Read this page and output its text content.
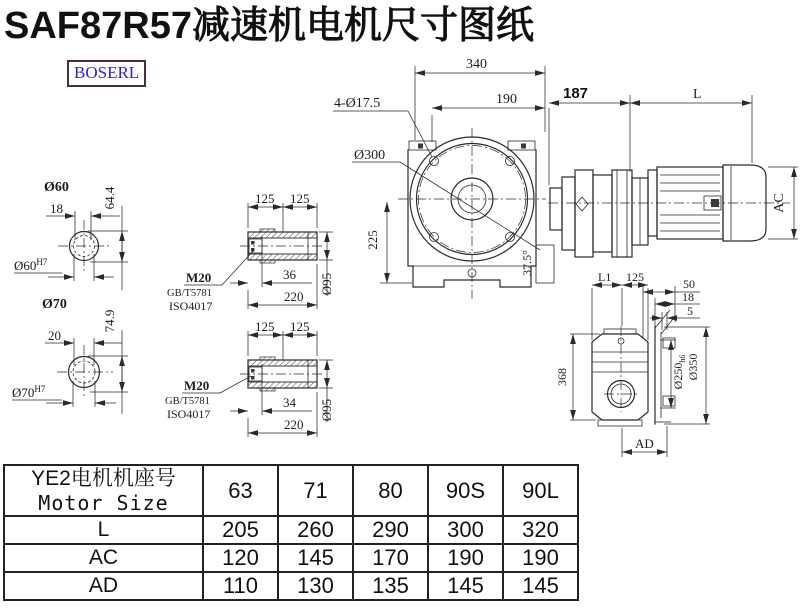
SAF87R57减速机电机尺寸图纸
BOSERL
Ø60
18	64.4
$Ø60^{H7}$
Ø70
20
74.9
$Ø70^{H7}$
125 125
36
220
Ø95
M20
GB/T5781
ISO4017
125 125
34
220
Ø95
M20
GB/T5781
ISO4017
Ø300
340
190
4-Ø17.5
225
37.5°
187	L
AC
L1 125	50
18
5
368	$Ø250_{h6}$ Ø350
AD
YE2电机机座号
Motor Size	63	71	80	90S	90L
L	205	260	290	300	320
AC	120	145	170	190	190
AD	110	130	135	145	145
